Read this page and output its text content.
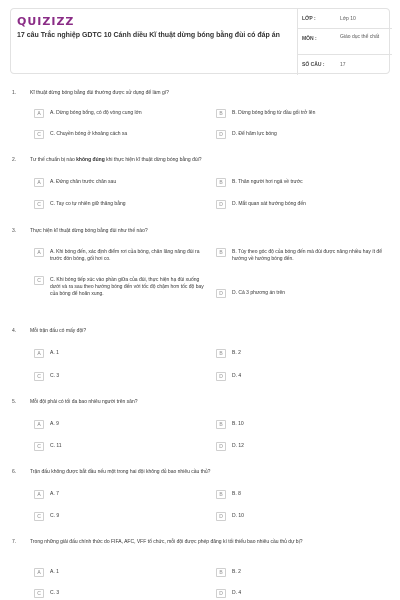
QUIZIZZ
17 câu Trắc nghiệp GDTC 10 Cánh diều Kĩ thuật dừng bóng bằng đùi có đáp án
LỚP :	Lớp 10
MÔN :	Giáo dục thể chất
SỐ CÂU :	17
1.	Kĩ thuật dừng bóng bằng đùi thường được sử dụng để làm gì?
A	A. Dừng bóng bổng, có độ vòng cung lớn	B	B. Dừng bóng bổng từ đầu gối trở lên
C	C. Chuyền bóng ở khoảng cách xa	D	D. Để hãm lực bóng
2.	Tư thế chuẩn bị nào không đúng khi thực hiện kĩ thuật dừng bóng bằng đùi?
A	A. Đứng chân trước chân sau	B	B. Thân người hơi ngả về trước
C	C. Tay co tự nhiên giữ thăng bằng	D	D. Mắt quan sát hướng bóng đến
3.	Thực hiện kĩ thuật dừng bóng bằng đùi như thế nào?
A	A. Khi bóng đến, xác định điểm rơi của bóng, chân lăng nâng đùi ra trước đón bóng, gối hơi co.
B	B. Tùy theo góc độ của bóng đến mà đùi được nâng nhiều hay ít để hướng về hướng bóng đến.
C	C. Khi bóng tiếp xúc vào phần giữa của đùi, thực hiện hạ đùi xuống dưới và ra sau theo hướng bóng đến với tốc độ chậm hơn tốc độ bay của bóng để hoãn xung.	D	D. Cả 3 phương án trên
4.	Mỗi trận đấu có mấy đội?
A	A. 1	B	B. 2
C	C. 3	D	D. 4
5.	Mỗi đội phải có tối đa bao nhiêu người trên sân?
A	A. 9	B	B. 10
C	C. 11	D	D. 12
6.	Trận đấu không được bắt đầu nếu một trong hai đội không đủ bao nhiêu cầu thủ?
A	A. 7	B	B. 8
C	C. 9	D	D. 10
7.	Trong những giải đấu chính thức do FIFA, AFC, VFF tổ chức, mỗi đội được phép đăng kí tối thiểu bao nhiêu cầu thủ dự bị?
A	A. 1	B	B. 2
C	C. 3	D	D. 4
